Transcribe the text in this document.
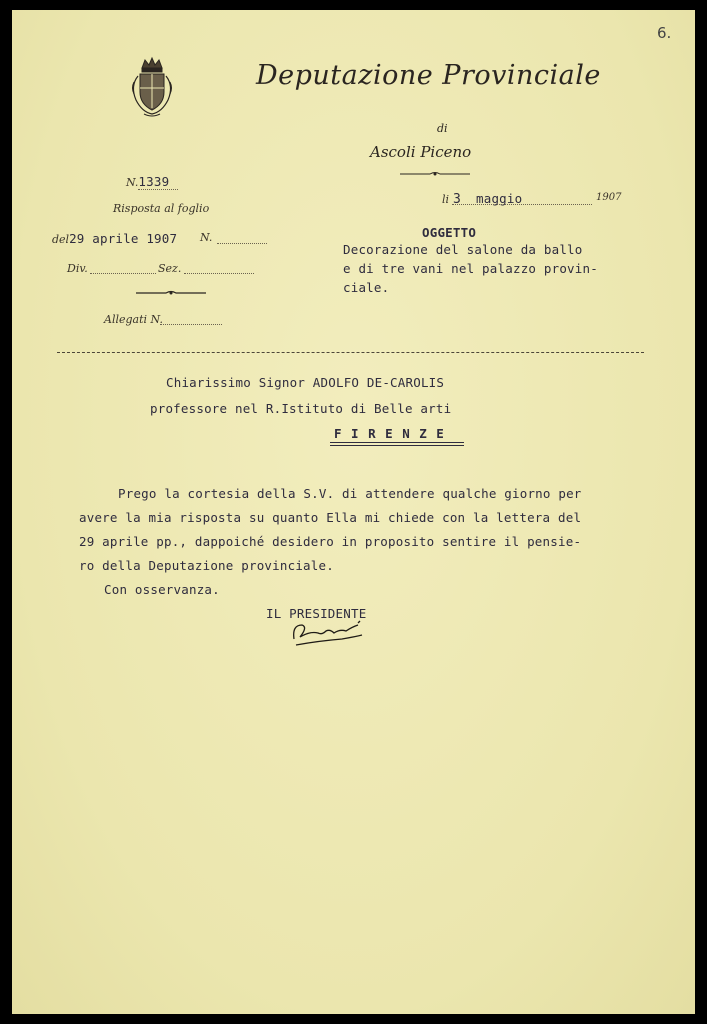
6.
Deputazione Provinciale
di
Ascoli Piceno
N.1339
Risposta al foglio
del29 aprile 1907 N.
Div.	Sez.
Allegati N.
li 3 maggio	1907
OGGETTO
Decorazione del salone da ballo
e di tre vani nel palazzo provin-
ciale.
Chiarissimo Signor ADOLFO DE-CAROLIS
professore nel R.Istituto di Belle arti
F I R E N Z E
Prego la cortesia della S.V. di attendere qualche giorno per
avere la mia risposta su quanto Ella mi chiede con la lettera del
29 aprile pp., dappoiché desidero in proposito sentire il pensie-
ro della Deputazione provinciale.
Con osservanza.
IL PRESIDENTE
